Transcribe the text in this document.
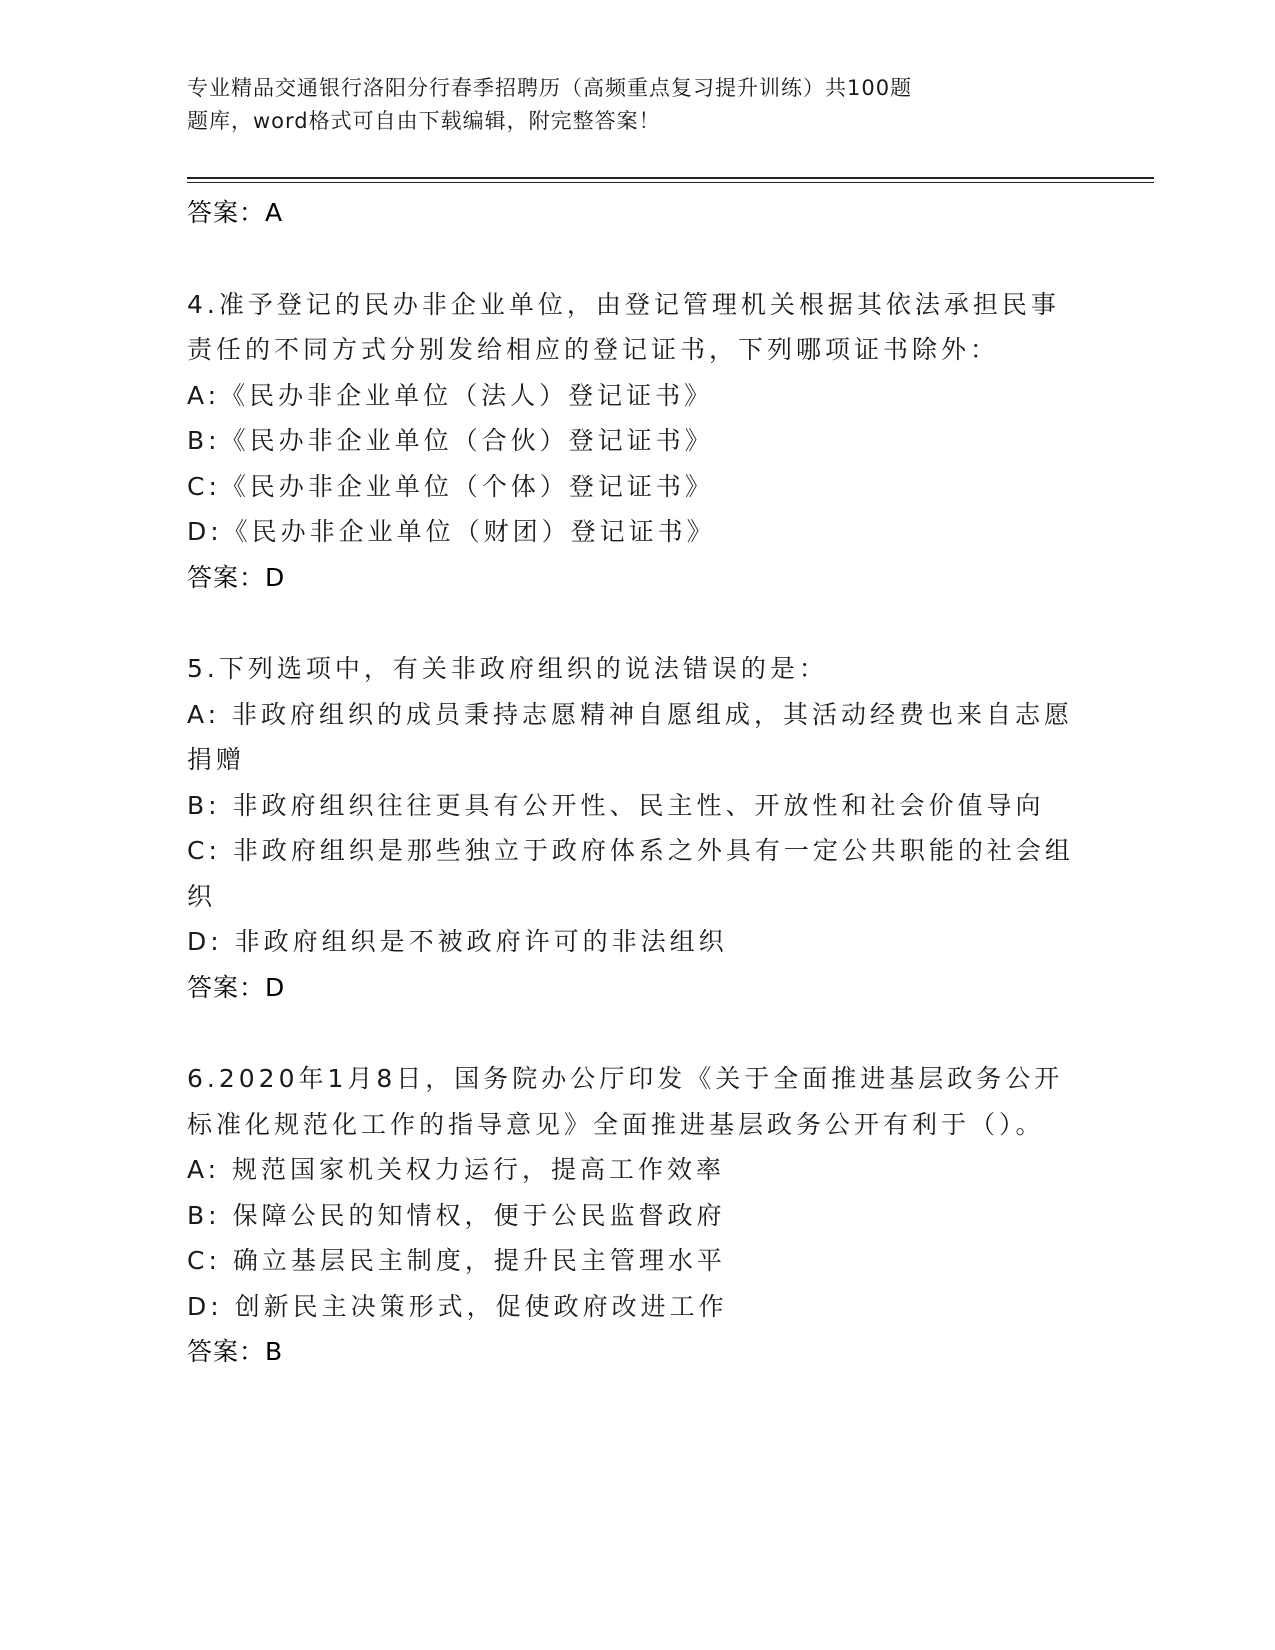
专业精品交通银行洛阳分行春季招聘历（高频重点复习提升训练）共100题
题库，word格式可自由下载编辑，附完整答案！
答案：A
4.准予登记的民办非企业单位，由登记管理机关根据其依法承担民事
责任的不同方式分别发给相应的登记证书，下列哪项证书除外：
A:《民办非企业单位（法人）登记证书》
B:《民办非企业单位（合伙）登记证书》
C:《民办非企业单位（个体）登记证书》
D:《民办非企业单位（财团）登记证书》
答案：D
5.下列选项中，有关非政府组织的说法错误的是：
A: 非政府组织的成员秉持志愿精神自愿组成，其活动经费也来自志愿
捐赠
B: 非政府组织往往更具有公开性、民主性、开放性和社会价值导向
C: 非政府组织是那些独立于政府体系之外具有一定公共职能的社会组
织
D: 非政府组织是不被政府许可的非法组织
答案：D
6.2020年1月8日，国务院办公厅印发《关于全面推进基层政务公开
标准化规范化工作的指导意见》全面推进基层政务公开有利于（）。
A: 规范国家机关权力运行，提高工作效率
B: 保障公民的知情权，便于公民监督政府
C: 确立基层民主制度，提升民主管理水平
D: 创新民主决策形式，促使政府改进工作
答案：B
